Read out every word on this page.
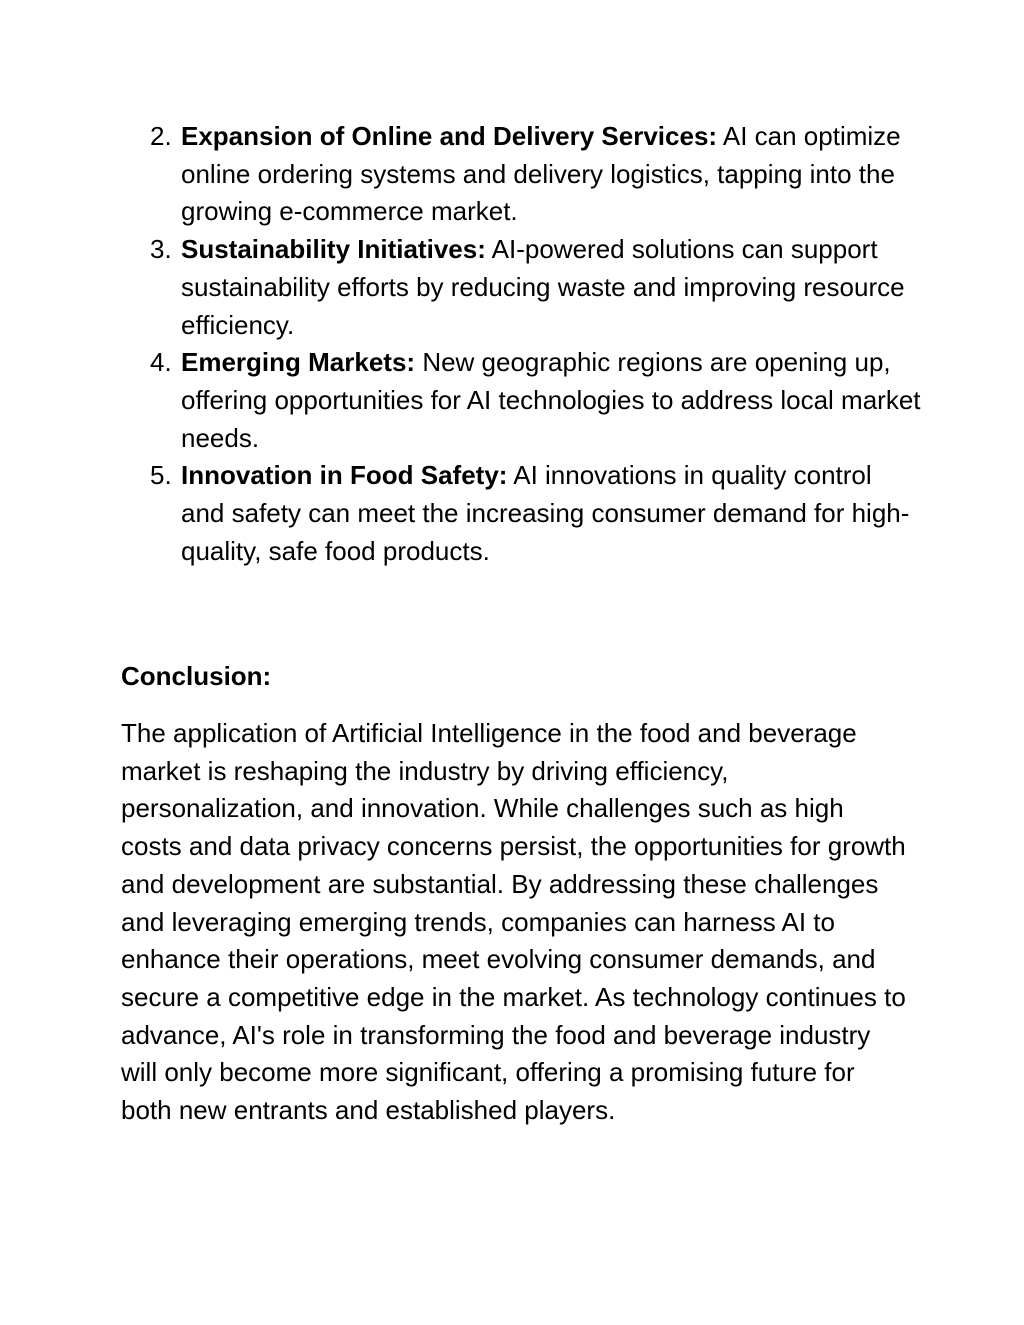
2. Expansion of Online and Delivery Services: AI can optimize online ordering systems and delivery logistics, tapping into the growing e-commerce market.
3. Sustainability Initiatives: AI-powered solutions can support sustainability efforts by reducing waste and improving resource efficiency.
4. Emerging Markets: New geographic regions are opening up, offering opportunities for AI technologies to address local market needs.
5. Innovation in Food Safety: AI innovations in quality control and safety can meet the increasing consumer demand for high-quality, safe food products.
Conclusion:

The application of Artificial Intelligence in the food and beverage market is reshaping the industry by driving efficiency, personalization, and innovation. While challenges such as high costs and data privacy concerns persist, the opportunities for growth and development are substantial. By addressing these challenges and leveraging emerging trends, companies can harness AI to enhance their operations, meet evolving consumer demands, and secure a competitive edge in the market. As technology continues to advance, AI's role in transforming the food and beverage industry will only become more significant, offering a promising future for both new entrants and established players.
